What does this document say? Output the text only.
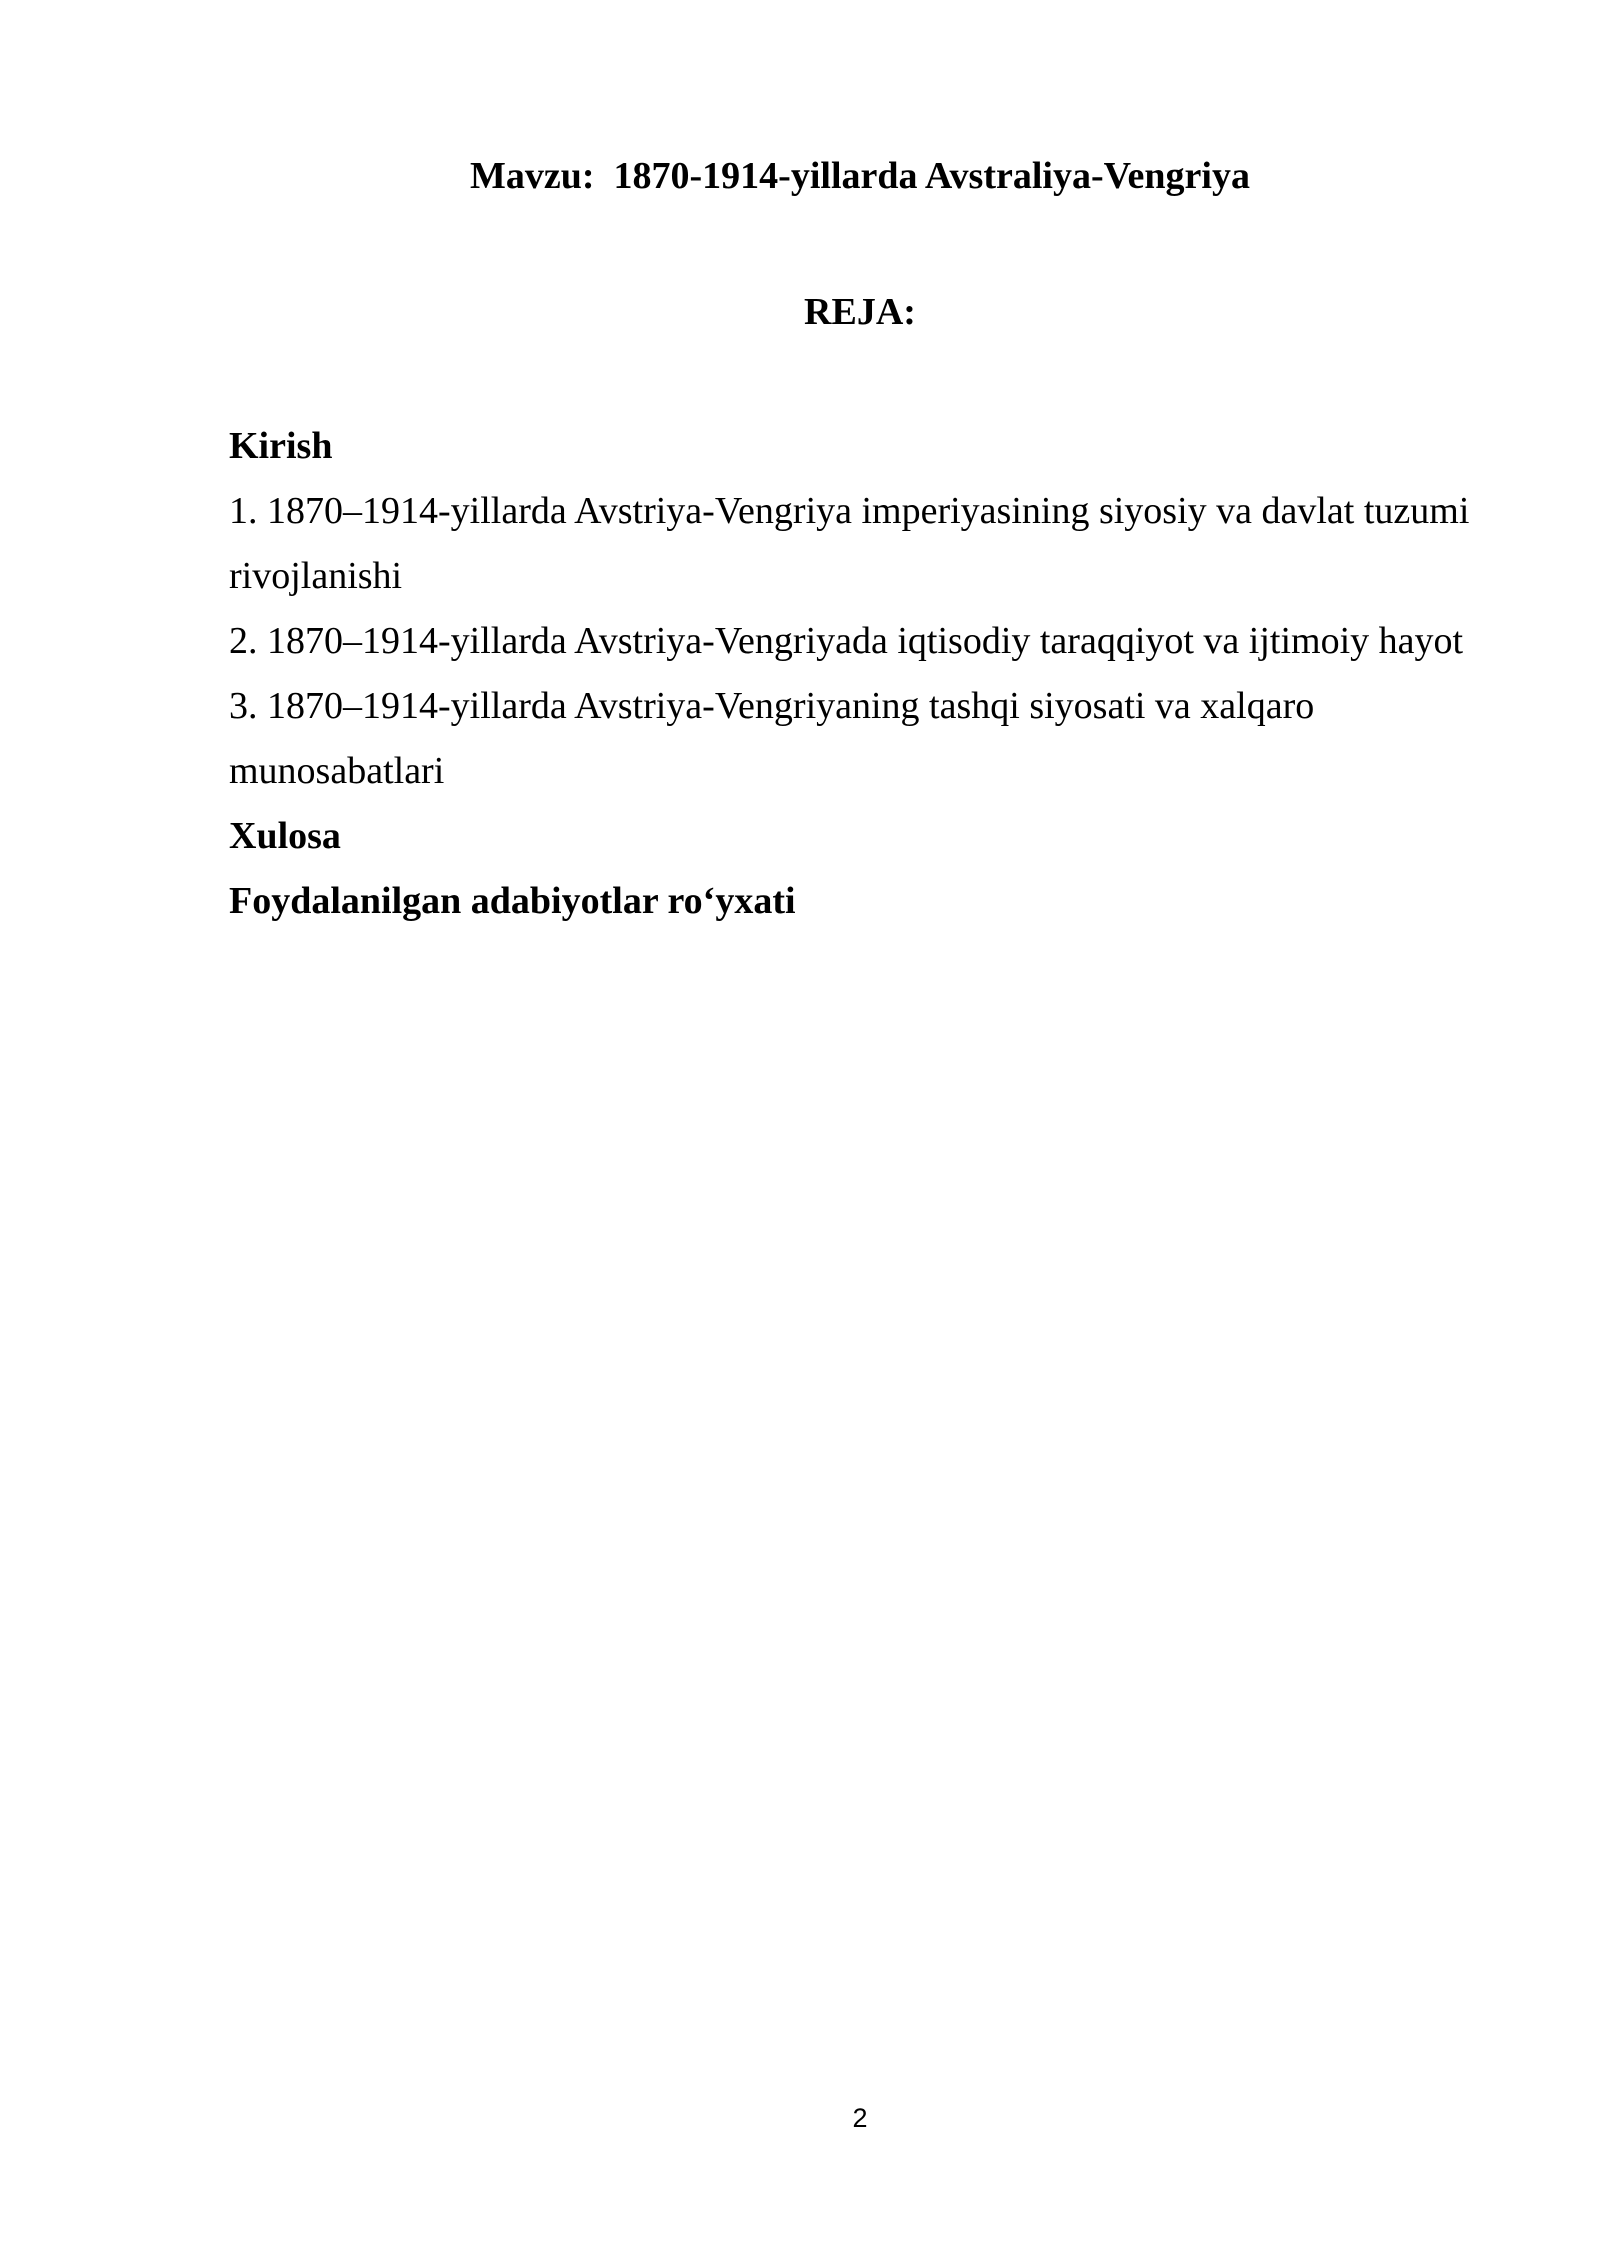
Mavzu:  1870-1914-yillarda Avstraliya-Vengriya
REJA:
Kirish
1. 1870–1914-yillarda Avstriya-Vengriya imperiyasining siyosiy va davlat tuzumi rivojlanishi
2. 1870–1914-yillarda Avstriya-Vengriyada iqtisodiy taraqqiyot va ijtimoiy hayot
3. 1870–1914-yillarda Avstriya-Vengriyaning tashqi siyosati va xalqaro munosabatlari
Xulosa
Foydalanilgan adabiyotlar ro‘yxati
2
